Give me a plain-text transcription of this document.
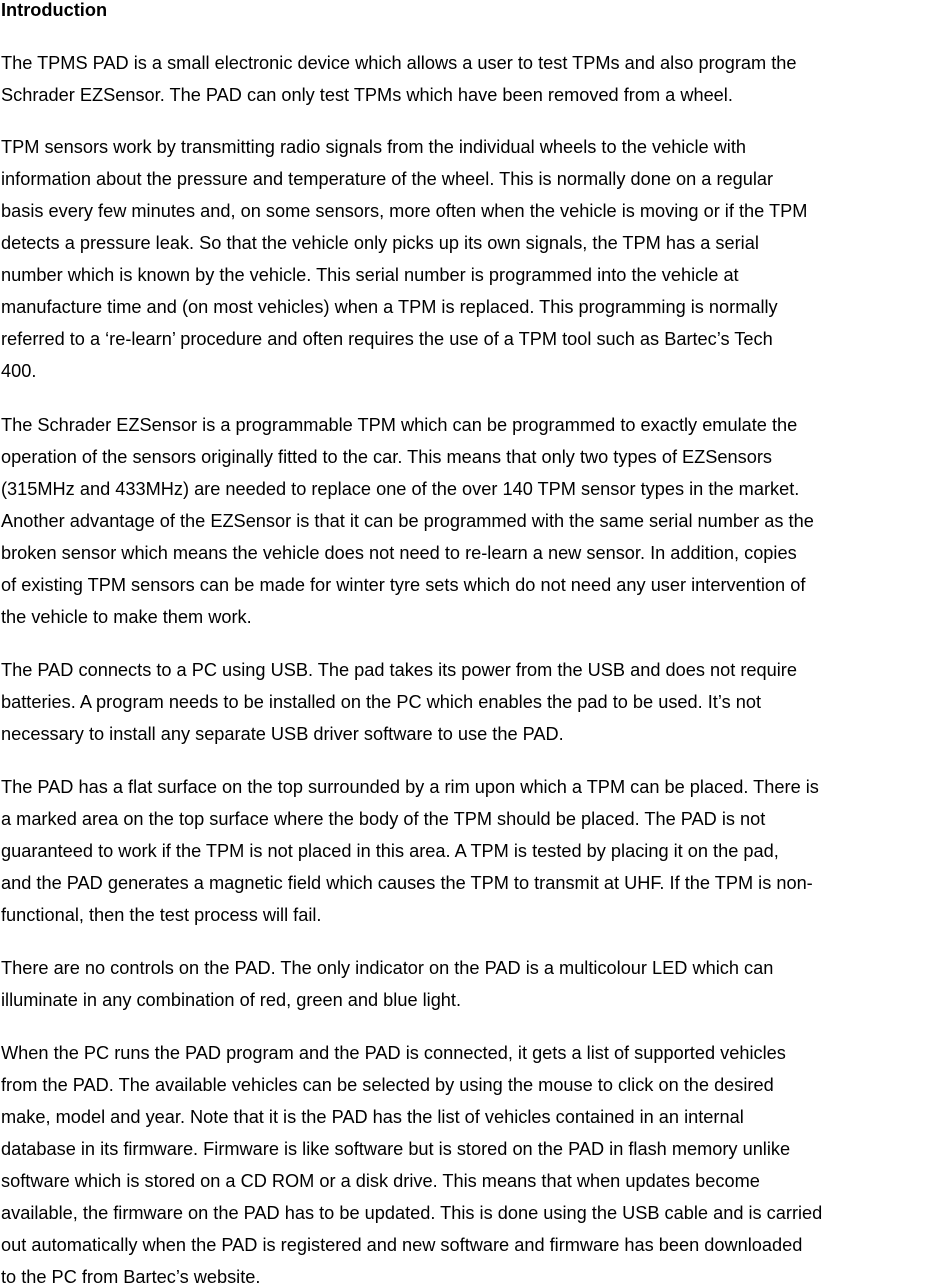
Introduction

The TPMS PAD is a small electronic device which allows a user to test TPMs and also program the

Schrader EZSensor. The PAD can only test TPMs which have been removed from a wheel.

TPM sensors work by transmitting radio signals from the individual wheels to the vehicle with

information about the pressure and temperature of the wheel. This is normally done on a regular

basis every few minutes and, on some sensors, more often when the vehicle is moving or if the TPM

detects a pressure leak. So that the vehicle only picks up its own signals, the TPM has a serial

number which is known by the vehicle. This serial number is programmed into the vehicle at

manufacture time and (on most vehicles) when a TPM is replaced. This programming is normally

referred to a ‘re-learn’ procedure and often requires the use of a TPM tool such as Bartec’s Tech

400.

The Schrader EZSensor is a programmable TPM which can be programmed to exactly emulate the

operation of the sensors originally fitted to the car. This means that only two types of EZSensors

(315MHz and 433MHz) are needed to replace one of the over 140 TPM sensor types in the market.

Another advantage of the EZSensor is that it can be programmed with the same serial number as the

broken sensor which means the vehicle does not need to re-learn a new sensor. In addition, copies

of existing TPM sensors can be made for winter tyre sets which do not need any user intervention of

the vehicle to make them work.

The PAD connects to a PC using USB. The pad takes its power from the USB and does not require

batteries. A program needs to be installed on the PC which enables the pad to be used. It’s not

necessary to install any separate USB driver software to use the PAD.

The PAD has a flat surface on the top surrounded by a rim upon which a TPM can be placed. There is

a marked area on the top surface where the body of the TPM should be placed. The PAD is not

guaranteed to work if the TPM is not placed in this area. A TPM is tested by placing it on the pad,

and the PAD generates a magnetic field which causes the TPM to transmit at UHF. If the TPM is non-

functional, then the test process will fail.

There are no controls on the PAD. The only indicator on the PAD is a multicolour LED which can

illuminate in any combination of red, green and blue light.

When the PC runs the PAD program and the PAD is connected, it gets a list of supported vehicles

from the PAD. The available vehicles can be selected by using the mouse to click on the desired

make, model and year. Note that it is the PAD has the list of vehicles contained in an internal

database in its firmware. Firmware is like software but is stored on the PAD in flash memory unlike

software which is stored on a CD ROM or a disk drive. This means that when updates become

available, the firmware on the PAD has to be updated. This is done using the USB cable and is carried

out automatically when the PAD is registered and new software and firmware has been downloaded

to the PC from Bartec’s website.
